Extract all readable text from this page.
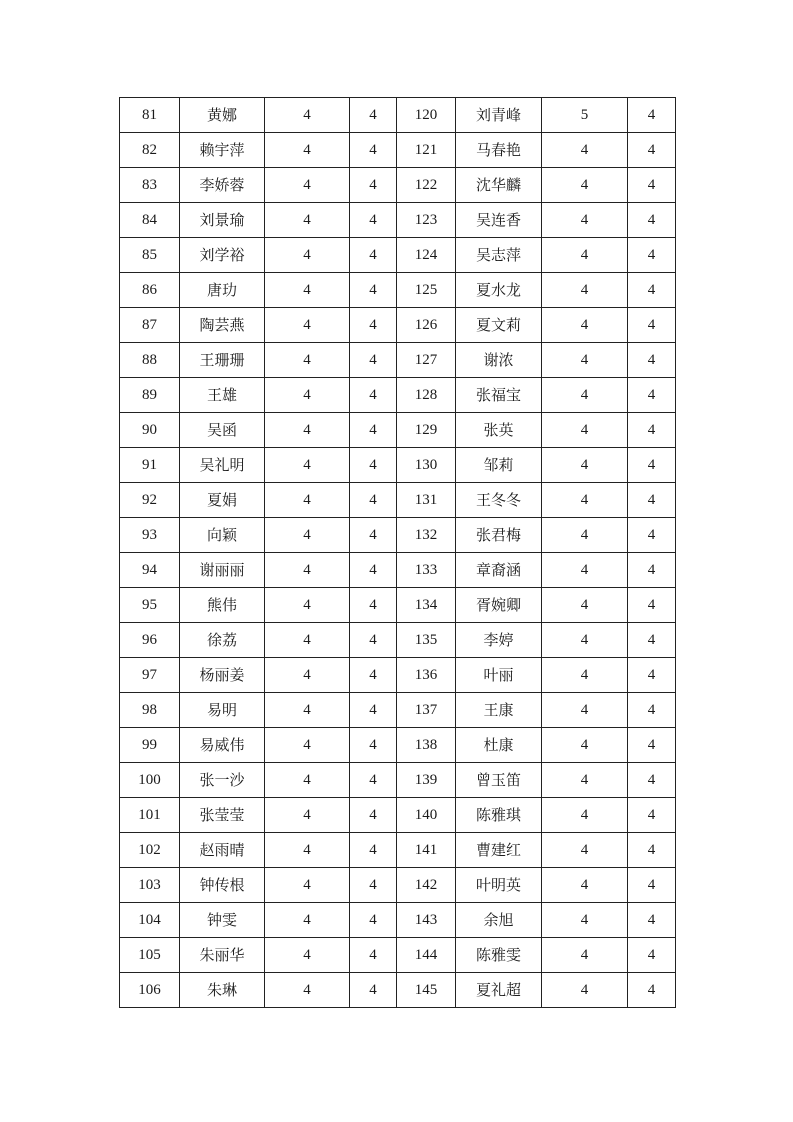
81	黄娜	4	4	120	刘青峰	5	4
82	赖宇萍	4	4	121	马春艳	4	4
83	李娇蓉	4	4	122	沈华麟	4	4
84	刘景瑜	4	4	123	吴连香	4	4
85	刘学裕	4	4	124	吴志萍	4	4
86	唐玏	4	4	125	夏水龙	4	4
87	陶芸燕	4	4	126	夏文莉	4	4
88	王珊珊	4	4	127	谢浓	4	4
89	王雄	4	4	128	张福宝	4	4
90	吴函	4	4	129	张英	4	4
91	吴礼明	4	4	130	邹莉	4	4
92	夏娟	4	4	131	王冬冬	4	4
93	向颖	4	4	132	张君梅	4	4
94	谢丽丽	4	4	133	章裔涵	4	4
95	熊伟	4	4	134	胥婉卿	4	4
96	徐荔	4	4	135	李婷	4	4
97	杨丽姜	4	4	136	叶丽	4	4
98	易明	4	4	137	王康	4	4
99	易威伟	4	4	138	杜康	4	4
100	张一沙	4	4	139	曾玉笛	4	4
101	张莹莹	4	4	140	陈雅琪	4	4
102	赵雨晴	4	4	141	曹建红	4	4
103	钟传根	4	4	142	叶明英	4	4
104	钟雯	4	4	143	余旭	4	4
105	朱丽华	4	4	144	陈雅雯	4	4
106	朱琳	4	4	145	夏礼超	4	4
